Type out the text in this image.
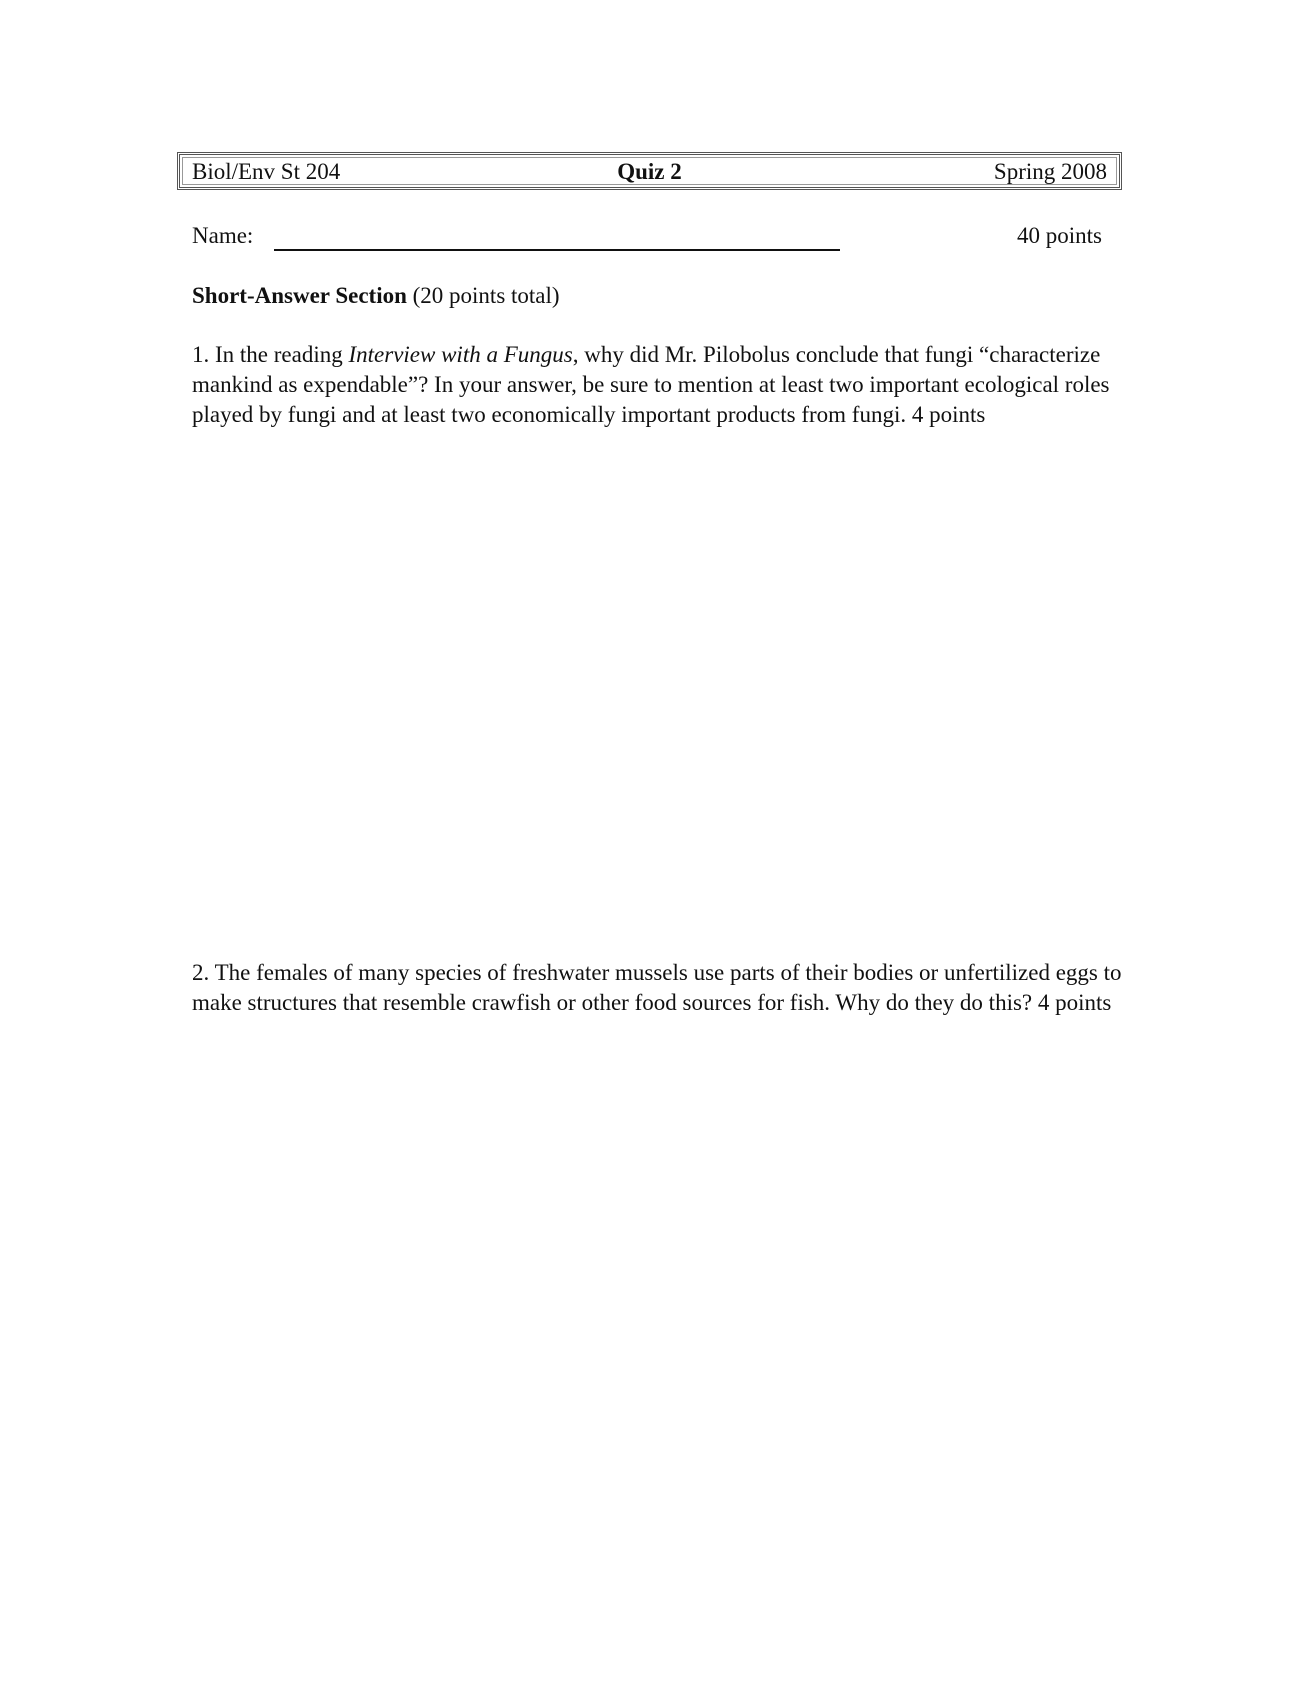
Biol/Env St 204	Quiz 2	Spring 2008
Name:	40 points
Short-Answer Section (20 points total)
1. In the reading Interview with a Fungus, why did Mr. Pilobolus conclude that fungi “characterize mankind as expendable”? In your answer, be sure to mention at least two important ecological roles played by fungi and at least two economically important products from fungi. 4 points
2. The females of many species of freshwater mussels use parts of their bodies or unfertilized eggs to make structures that resemble crawfish or other food sources for fish. Why do they do this? 4 points
